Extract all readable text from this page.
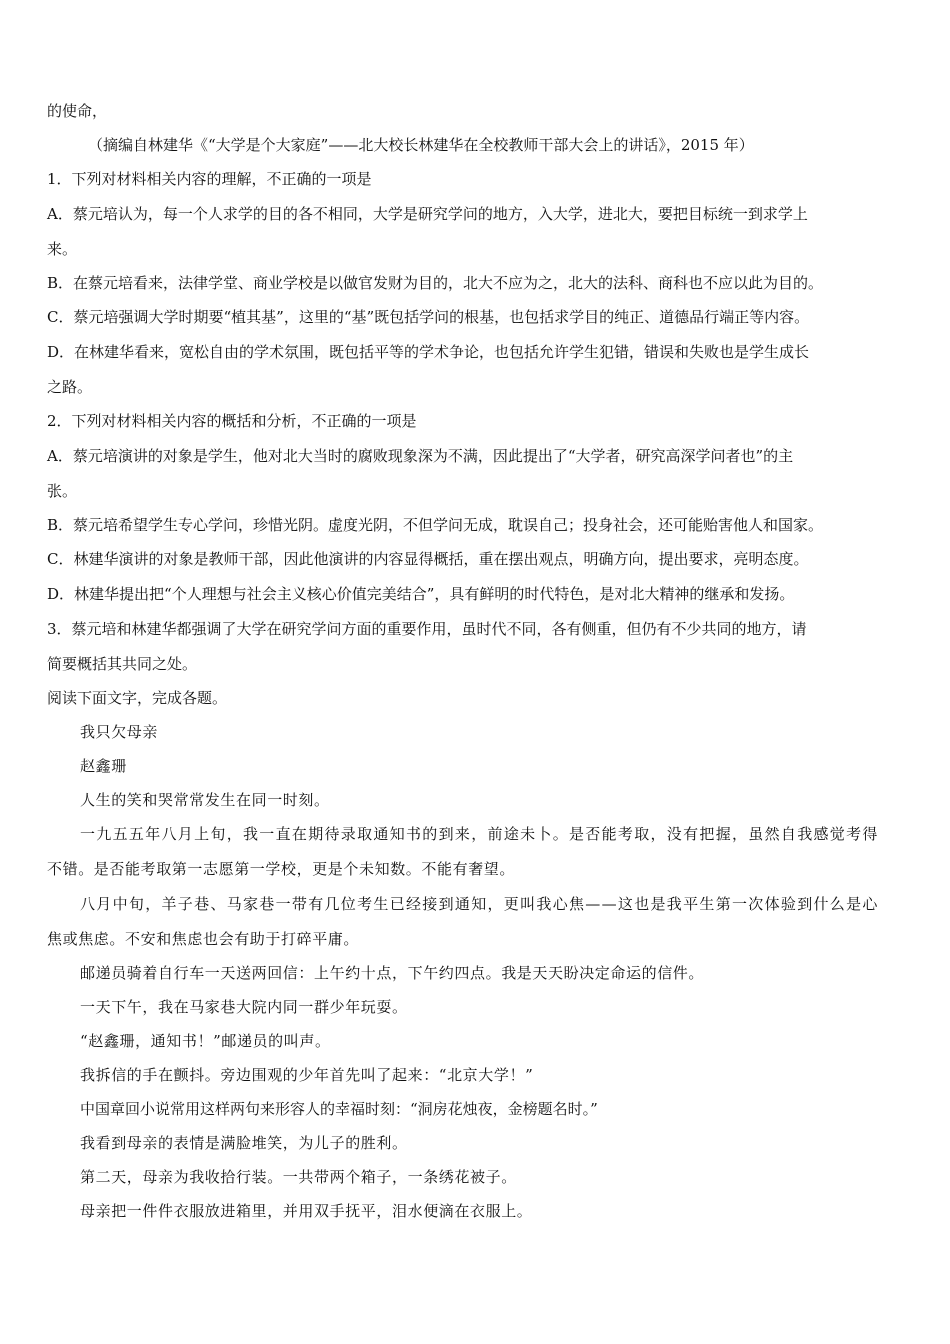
的使命，

（摘编自林建华《“大学是个大家庭”——北大校长林建华在全校教师干部大会上的讲话》，2015 年）

1．下列对材料相关内容的理解，不正确的一项是

A．蔡元培认为，每一个人求学的目的各不相同，大学是研究学问的地方，入大学，进北大，要把目标统一到求学上

来。

B．在蔡元培看来，法律学堂、商业学校是以做官发财为目的，北大不应为之，北大的法科、商科也不应以此为目的。

C．蔡元培强调大学时期要“植其基”，这里的“基”既包括学问的根基，也包括求学目的纯正、道德品行端正等内容。

D．在林建华看来，宽松自由的学术氛围，既包括平等的学术争论，也包括允许学生犯错，错误和失败也是学生成长

之路。

2．下列对材料相关内容的概括和分析，不正确的一项是

A．蔡元培演讲的对象是学生，他对北大当时的腐败现象深为不满，因此提出了“大学者，研究高深学问者也”的主

张。

B．蔡元培希望学生专心学问，珍惜光阴。虚度光阴，不但学问无成，耽误自己；投身社会，还可能贻害他人和国家。

C．林建华演讲的对象是教师干部，因此他演讲的内容显得概括，重在摆出观点，明确方向，提出要求，亮明态度。

D．林建华提出把“个人理想与社会主义核心价值完美结合”，具有鲜明的时代特色，是对北大精神的继承和发扬。

3．蔡元培和林建华都强调了大学在研究学问方面的重要作用，虽时代不同，各有侧重，但仍有不少共同的地方，请

简要概括其共同之处。

阅读下面文字，完成各题。

我只欠母亲

赵鑫珊

人生的笑和哭常常发生在同一时刻。

一九五五年八月上旬，我一直在期待录取通知书的到来，前途未卜。是否能考取，没有把握，虽然自我感觉考得

不错。是否能考取第一志愿第一学校，更是个未知数。不能有奢望。

八月中旬，羊子巷、马家巷一带有几位考生已经接到通知，更叫我心焦——这也是我平生第一次体验到什么是心

焦或焦虑。不安和焦虑也会有助于打碎平庸。

邮递员骑着自行车一天送两回信：上午约十点，下午约四点。我是天天盼决定命运的信件。

一天下午，我在马家巷大院内同一群少年玩耍。

“赵鑫珊，通知书！”邮递员的叫声。

我拆信的手在颤抖。旁边围观的少年首先叫了起来：“北京大学！”

中国章回小说常用这样两句来形容人的幸福时刻：“洞房花烛夜，金榜题名时。”

我看到母亲的表情是满脸堆笑，为儿子的胜利。

第二天，母亲为我收拾行装。一共带两个箱子，一条绣花被子。

母亲把一件件衣服放进箱里，并用双手抚平，泪水便滴在衣服上。
